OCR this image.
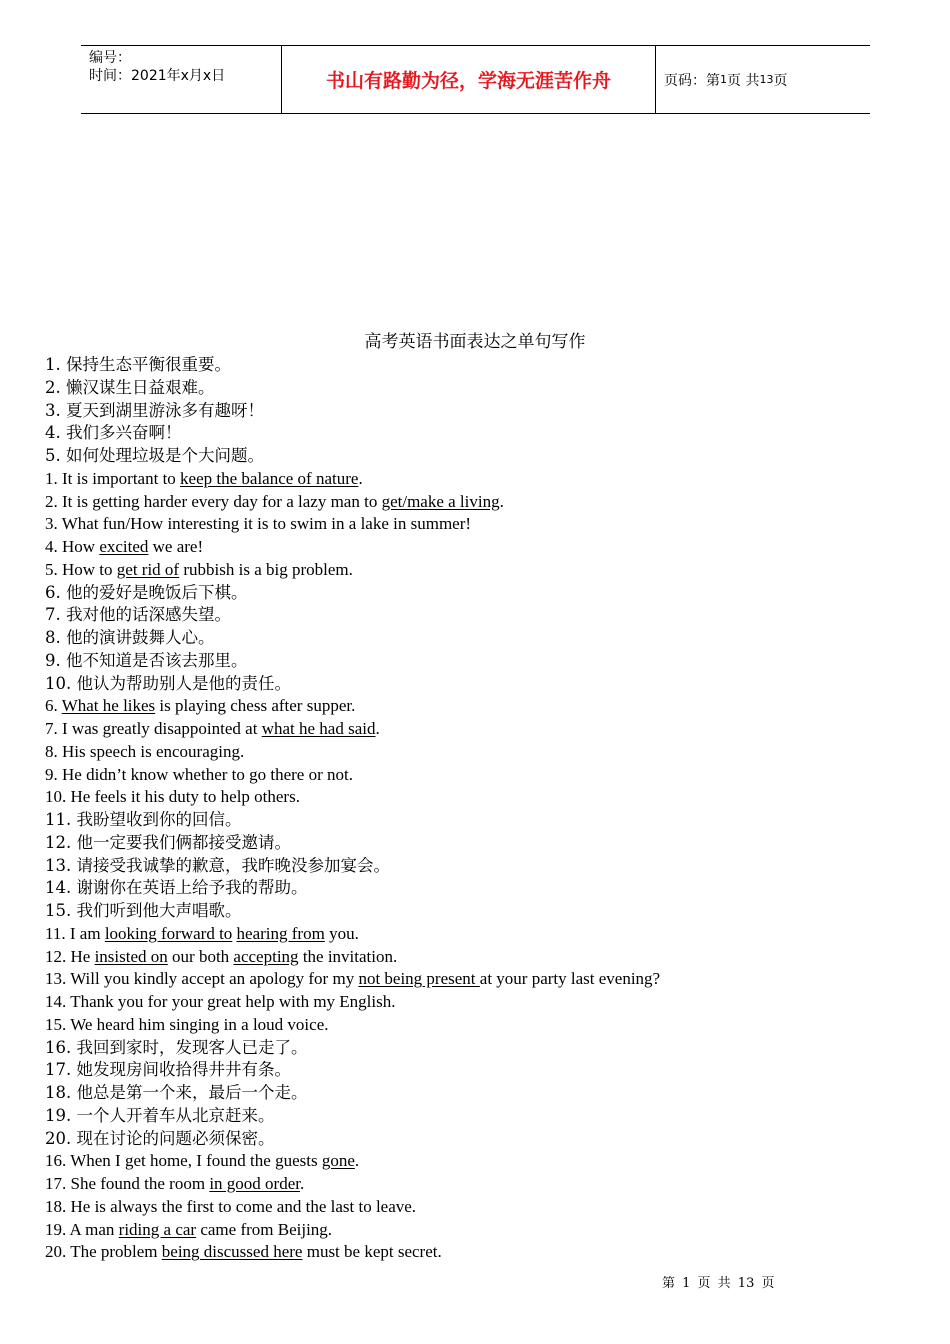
编号：
时间：2021年x月x日	书山有路勤为径，学海无涯苦作舟	页码：第 1 页 共 13 页
高考英语书面表达之单句写作
1. 保持生态平衡很重要。
2. 懒汉谋生日益艰难。
3. 夏天到湖里游泳多有趣呀！
4. 我们多兴奋啊！
5. 如何处理垃圾是个大问题。
1. It is important to keep the balance of nature.
2. It is getting harder every day for a lazy man to get/make a living.
3. What fun/How interesting it is to swim in a lake in summer!
4. How excited we are!
5. How to get rid of rubbish is a big problem.
6. 他的爱好是晚饭后下棋。
7. 我对他的话深感失望。
8. 他的演讲鼓舞人心。
9. 他不知道是否该去那里。
10. 他认为帮助别人是他的责任。
6. What he likes is playing chess after supper.
7. I was greatly disappointed at what he had said.
8. His speech is encouraging.
9. He didn’t know whether to go there or not.
10. He feels it his duty to help others.
11. 我盼望收到你的回信。
12. 他一定要我们俩都接受邀请。
13. 请接受我诚挚的歉意，我昨晚没参加宴会。
14. 谢谢你在英语上给予我的帮助。
15. 我们听到他大声唱歌。
11. I am looking forward to hearing from you.
12. He insisted on our both accepting the invitation.
13. Will you kindly accept an apology for my not being present at your party last evening?
14. Thank you for your great help with my English.
15. We heard him singing in a loud voice.
16. 我回到家时，发现客人已走了。
17. 她发现房间收拾得井井有条。
18. 他总是第一个来，最后一个走。
19. 一个人开着车从北京赶来。
20. 现在讨论的问题必须保密。
16. When I get home, I found the guests gone.
17. She found the room in good order.
18. He is always the first to come and the last to leave.
19. A man riding a car came from Beijing.
20. The problem being discussed here must be kept secret.
第 1 页 共 13 页
